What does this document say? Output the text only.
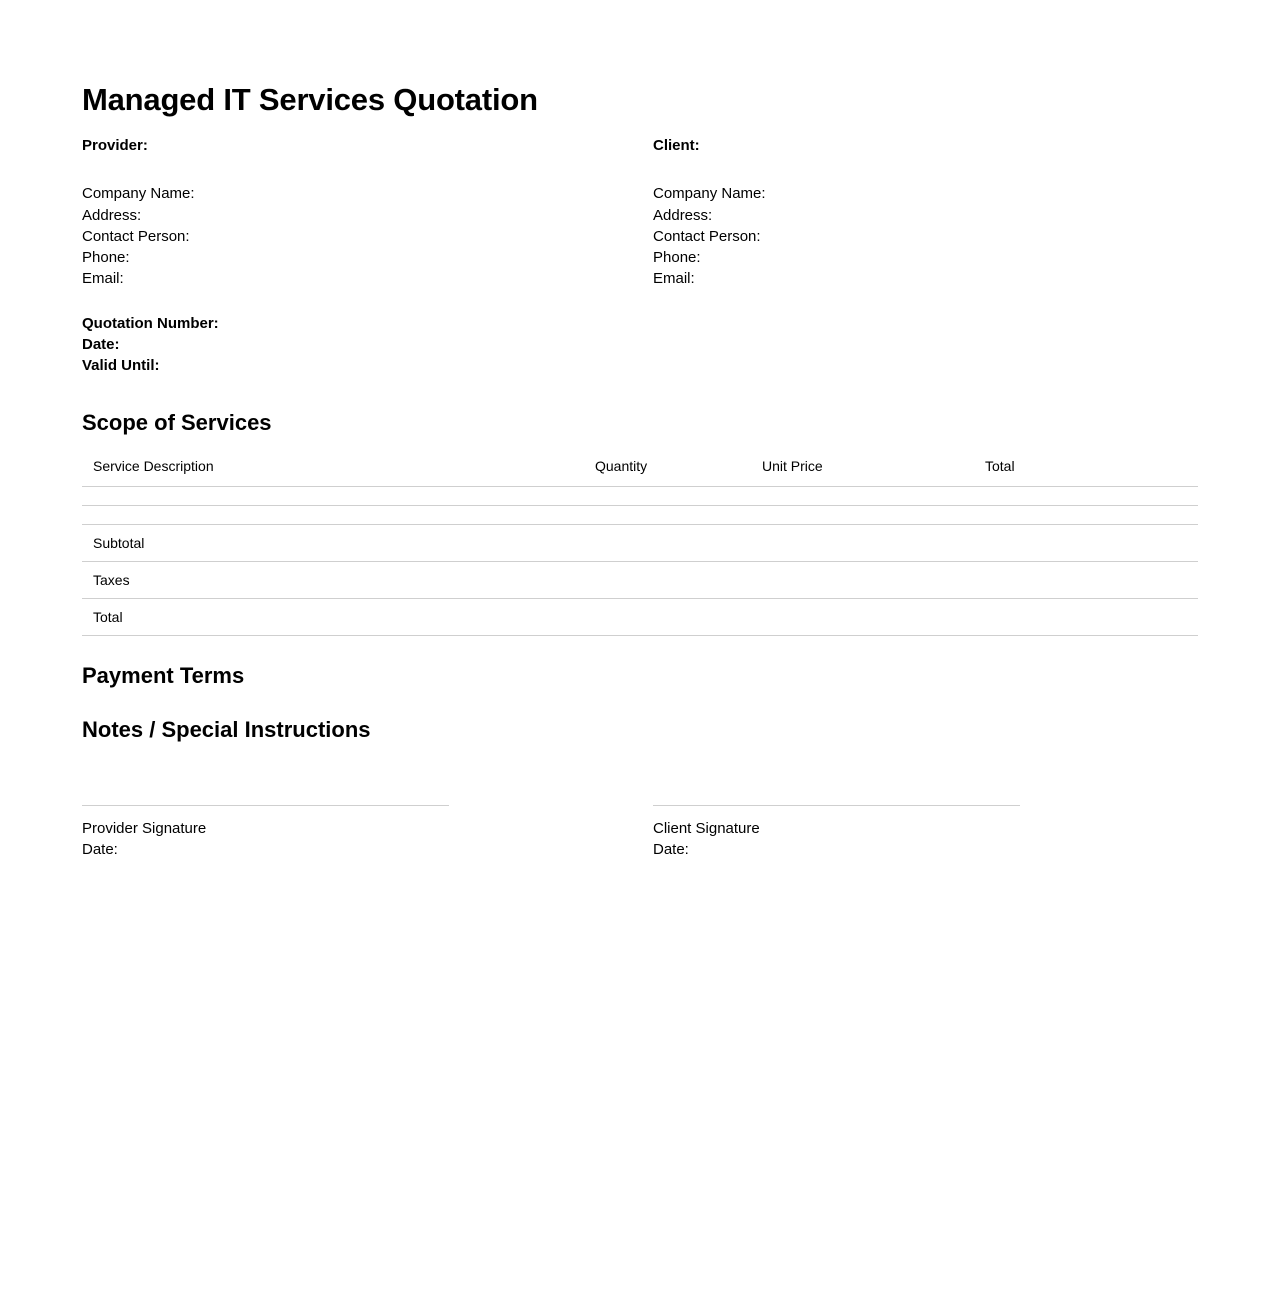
Managed IT Services Quotation
Provider:
Company Name:
Address:
Contact Person:
Phone:
Email:
Quotation Number:
Date:
Valid Until:
Client:
Company Name:
Address:
Contact Person:
Phone:
Email:
Scope of Services
Service Description	Quantity	Unit Price	Total

Subtotal			
Taxes			
Total			
Payment Terms
Notes / Special Instructions
Provider Signature
Date:
Client Signature
Date:
